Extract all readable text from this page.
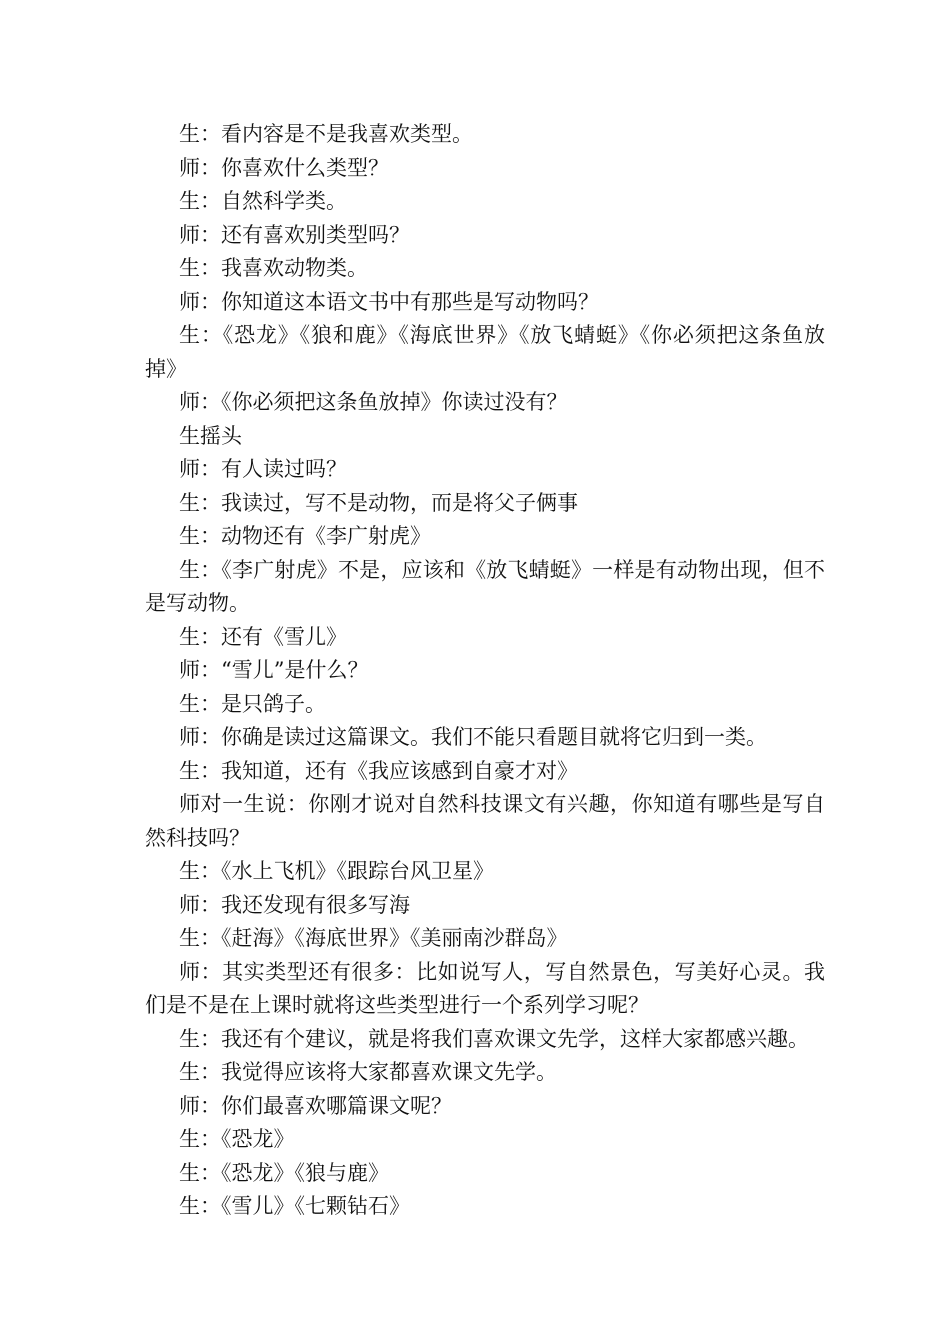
生：看内容是不是我喜欢类型。

师：你喜欢什么类型？

生：自然科学类。

师：还有喜欢别类型吗？

生：我喜欢动物类。

师：你知道这本语文书中有那些是写动物吗？

生：《恐龙》《狼和鹿》《海底世界》《放飞蜻蜓》《你必须把这条鱼放掉》

师：《你必须把这条鱼放掉》你读过没有？

生摇头

师：有人读过吗？

生：我读过，写不是动物，而是将父子俩事

生：动物还有《李广射虎》

生：《李广射虎》不是，应该和《放飞蜻蜓》一样是有动物出现，但不是写动物。

生：还有《雪儿》

师：“雪儿”是什么？

生：是只鸽子。

师：你确是读过这篇课文。我们不能只看题目就将它归到一类。

生：我知道，还有《我应该感到自豪才对》

师对一生说：你刚才说对自然科技课文有兴趣，你知道有哪些是写自然科技吗？

生：《水上飞机》《跟踪台风卫星》

师：我还发现有很多写海

生：《赶海》《海底世界》《美丽南沙群岛》

师：其实类型还有很多：比如说写人，写自然景色，写美好心灵。我们是不是在上课时就将这些类型进行一个系列学习呢？

生：我还有个建议，就是将我们喜欢课文先学，这样大家都感兴趣。

生：我觉得应该将大家都喜欢课文先学。

师：你们最喜欢哪篇课文呢？

生：《恐龙》

生：《恐龙》《狼与鹿》

生：《雪儿》《七颗钻石》
